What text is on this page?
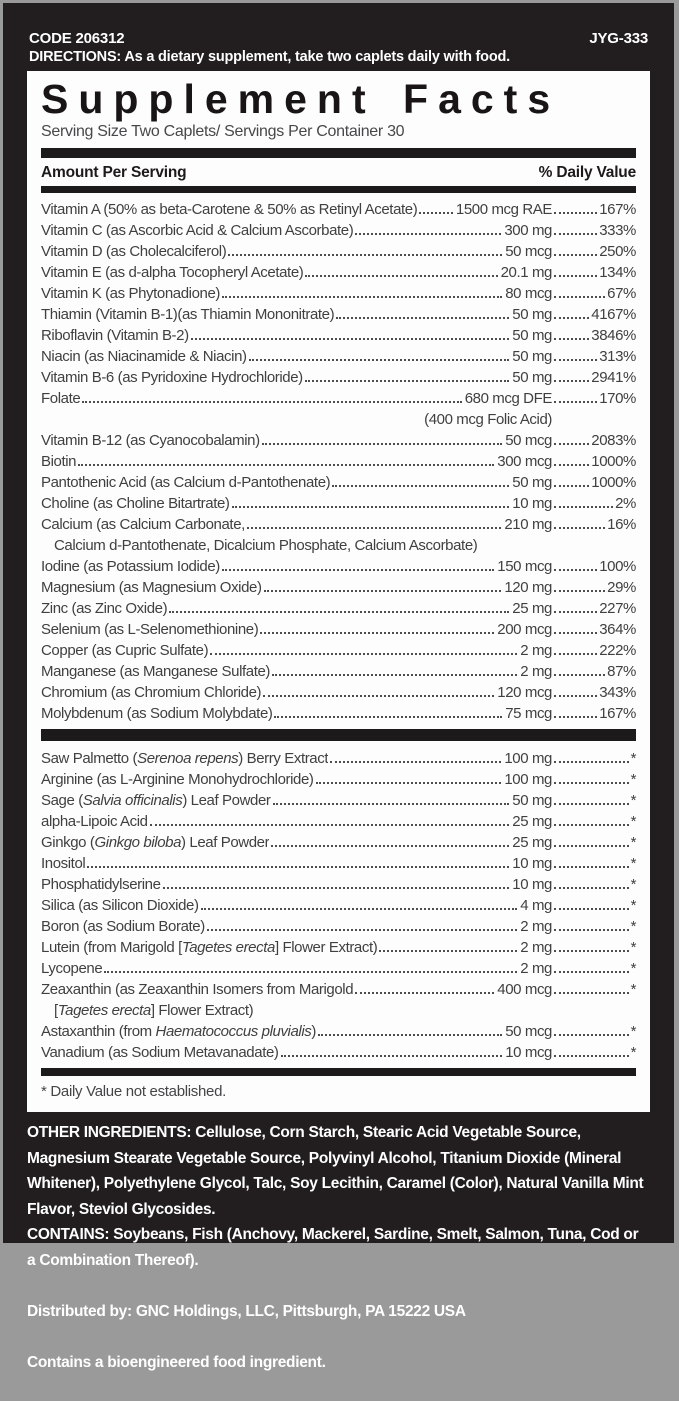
CODE 206312	JYG-333
DIRECTIONS: As a dietary supplement, take two caplets daily with food.
Supplement Facts
Serving Size Two Caplets/ Servings Per Container 30
Amount Per Serving	% Daily Value
Vitamin A (50% as beta-Carotene & 50% as Retinyl Acetate)	1500 mcg RAE	167%
Vitamin C (as Ascorbic Acid & Calcium Ascorbate)	300 mg	333%
Vitamin D (as Cholecalciferol)	50 mcg	250%
Vitamin E (as d-alpha Tocopheryl Acetate)	20.1 mg	134%
Vitamin K (as Phytonadione)	80 mcg	67%
Thiamin (Vitamin B-1)(as Thiamin Mononitrate)	50 mg	4167%
Riboflavin (Vitamin B-2)	50 mg	3846%
Niacin (as Niacinamide & Niacin)	50 mg	313%
Vitamin B-6 (as Pyridoxine Hydrochloride)	50 mg	2941%
Folate	680 mcg DFE	170%
(400 mcg Folic Acid)
Vitamin B-12 (as Cyanocobalamin)	50 mcg	2083%
Biotin	300 mcg	1000%
Pantothenic Acid (as Calcium d-Pantothenate)	50 mg	1000%
Choline (as Choline Bitartrate)	10 mg	2%
Calcium (as Calcium Carbonate,	210 mg	16%
Calcium d-Pantothenate, Dicalcium Phosphate, Calcium Ascorbate)
Iodine (as Potassium Iodide)	150 mcg	100%
Magnesium (as Magnesium Oxide)	120 mg	29%
Zinc (as Zinc Oxide)	25 mg	227%
Selenium (as L-Selenomethionine)	200 mcg	364%
Copper (as Cupric Sulfate)	2 mg	222%
Manganese (as Manganese Sulfate)	2 mg	87%
Chromium (as Chromium Chloride)	120 mcg	343%
Molybdenum (as Sodium Molybdate)	75 mcg	167%
Saw Palmetto (Serenoa repens) Berry Extract	100 mg	*
Arginine (as L-Arginine Monohydrochloride)	100 mg	*
Sage (Salvia officinalis) Leaf Powder	50 mg	*
alpha-Lipoic Acid	25 mg	*
Ginkgo (Ginkgo biloba) Leaf Powder	25 mg	*
Inositol	10 mg	*
Phosphatidylserine	10 mg	*
Silica (as Silicon Dioxide)	4 mg	*
Boron (as Sodium Borate)	2 mg	*
Lutein (from Marigold [Tagetes erecta] Flower Extract)	2 mg	*
Lycopene	2 mg	*
Zeaxanthin (as Zeaxanthin Isomers from Marigold	400 mcg	*
[ Tagetes erecta ] Flower Extract)
Astaxanthin (from Haematococcus pluvialis)	50 mcg	*
Vanadium (as Sodium Metavanadate)	10 mcg	*
* Daily Value not established.
OTHER INGREDIENTS: Cellulose, Corn Starch, Stearic Acid Vegetable Source, Magnesium Stearate Vegetable Source, Polyvinyl Alcohol, Titanium Dioxide (Mineral Whitener), Polyethylene Glycol, Talc, Soy Lecithin, Caramel (Color), Natural Vanilla Mint Flavor, Steviol Glycosides.
CONTAINS: Soybeans, Fish (Anchovy, Mackerel, Sardine, Smelt, Salmon, Tuna, Cod or a Combination Thereof).
Distributed by: GNC Holdings, LLC, Pittsburgh, PA 15222 USA
Contains a bioengineered food ingredient.
